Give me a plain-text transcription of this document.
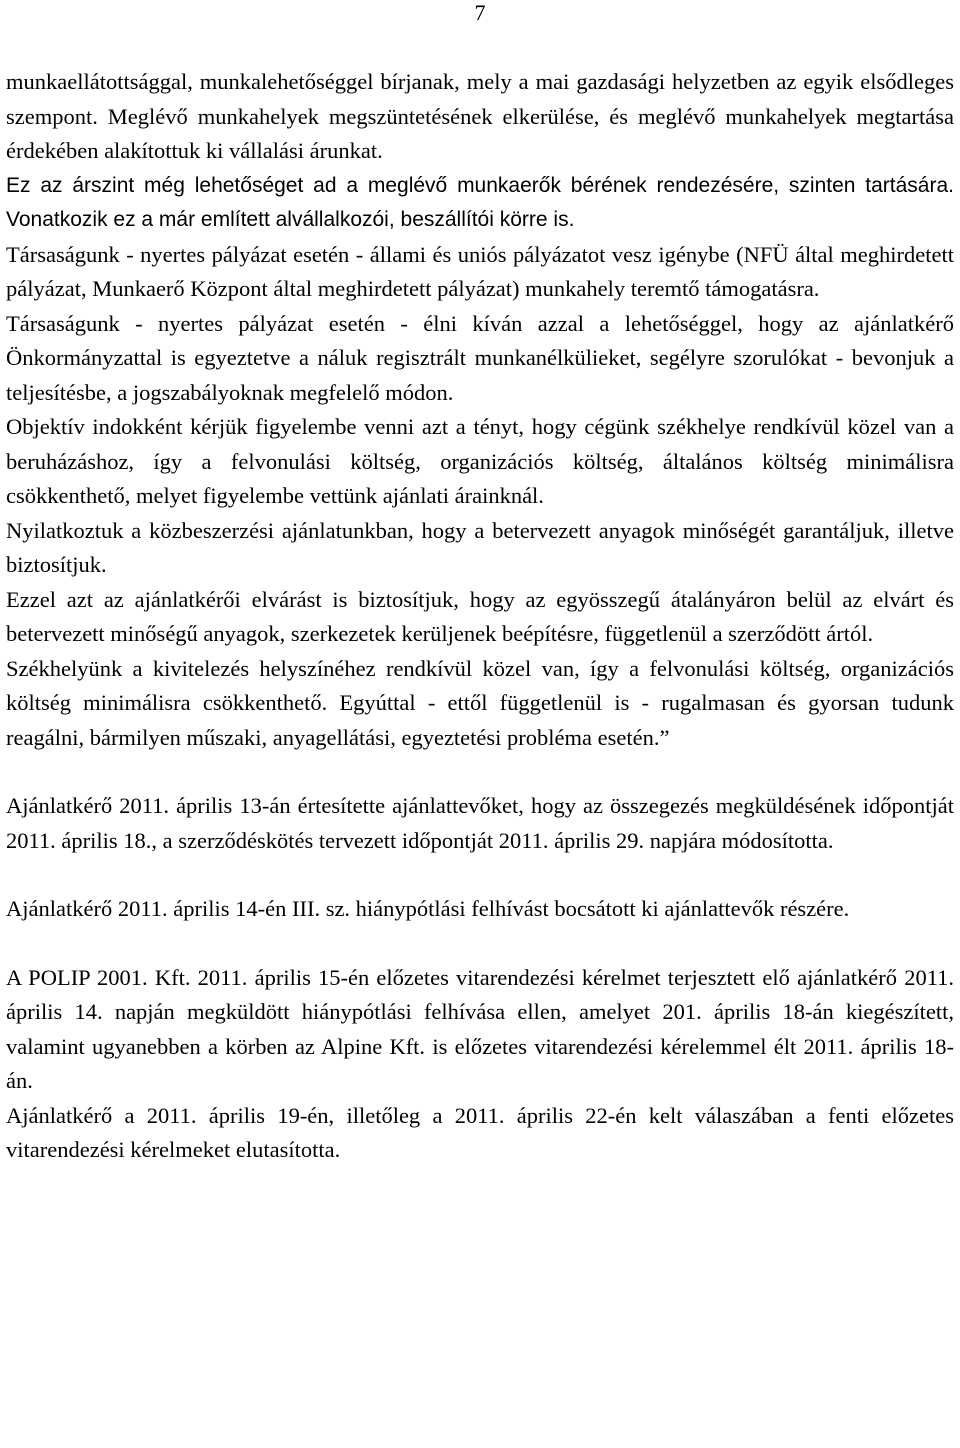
7

munkaellátottsággal, munkalehetőséggel bírjanak, mely a mai gazdasági helyzetben az egyik elsődleges szempont. Meglévő munkahelyek megszüntetésének elkerülése, és meglévő munkahelyek megtartása érdekében alakítottuk ki vállalási árunkat.

Ez az árszint még lehetőséget ad a meglévő munkaerők bérének rendezésére, szinten tartására. Vonatkozik ez a már említett alvállalkozói, beszállítói körre is.

Társaságunk - nyertes pályázat esetén - állami és uniós pályázatot vesz igénybe (NFÜ által meghirdetett pályázat, Munkaerő Központ által meghirdetett pályázat) munkahely teremtő támogatásra.

Társaságunk - nyertes pályázat esetén - élni kíván azzal a lehetőséggel, hogy az ajánlatkérő Önkormányzattal is egyeztetve a náluk regisztrált munkanélkülieket, segélyre szorulókat - bevonjuk a teljesítésbe, a jogszabályoknak megfelelő módon.

Objektív indokként kérjük figyelembe venni azt a tényt, hogy cégünk székhelye rendkívül közel van a beruházáshoz, így a felvonulási költség, organizációs költség, általános költség minimálisra csökkenthető, melyet figyelembe vettünk ajánlati árainknál.

Nyilatkoztuk a közbeszerzési ajánlatunkban, hogy a betervezett anyagok minőségét garantáljuk, illetve biztosítjuk.

Ezzel azt az ajánlatkérői elvárást is biztosítjuk, hogy az egyösszegű átalányáron belül az elvárt és betervezett minőségű anyagok, szerkezetek kerüljenek beépítésre, függetlenül a szerződött ártól.

Székhelyünk a kivitelezés helyszínéhez rendkívül közel van, így a felvonulási költség, organizációs költség minimálisra csökkenthető. Egyúttal - ettől függetlenül is - rugalmasan és gyorsan tudunk reagálni, bármilyen műszaki, anyagellátási, egyeztetési probléma esetén.”

Ajánlatkérő 2011. április 13-án értesítette ajánlattevőket, hogy az összegezés megküldésének időpontját 2011. április 18., a szerződéskötés tervezett időpontját 2011. április 29. napjára módosította.

Ajánlatkérő 2011. április 14-én III. sz. hiánypótlási felhívást bocsátott ki ajánlattevők részére.

A POLIP 2001. Kft. 2011. április 15-én előzetes vitarendezési kérelmet terjesztett elő ajánlatkérő 2011. április 14. napján megküldött hiánypótlási felhívása ellen, amelyet 201. április 18-án kiegészített, valamint ugyanebben a körben az Alpine Kft. is előzetes vitarendezési kérelemmel élt 2011. április 18-án.

Ajánlatkérő a 2011. április 19-én, illetőleg a 2011. április 22-én kelt válaszában a fenti előzetes vitarendezési kérelmeket elutasította.
